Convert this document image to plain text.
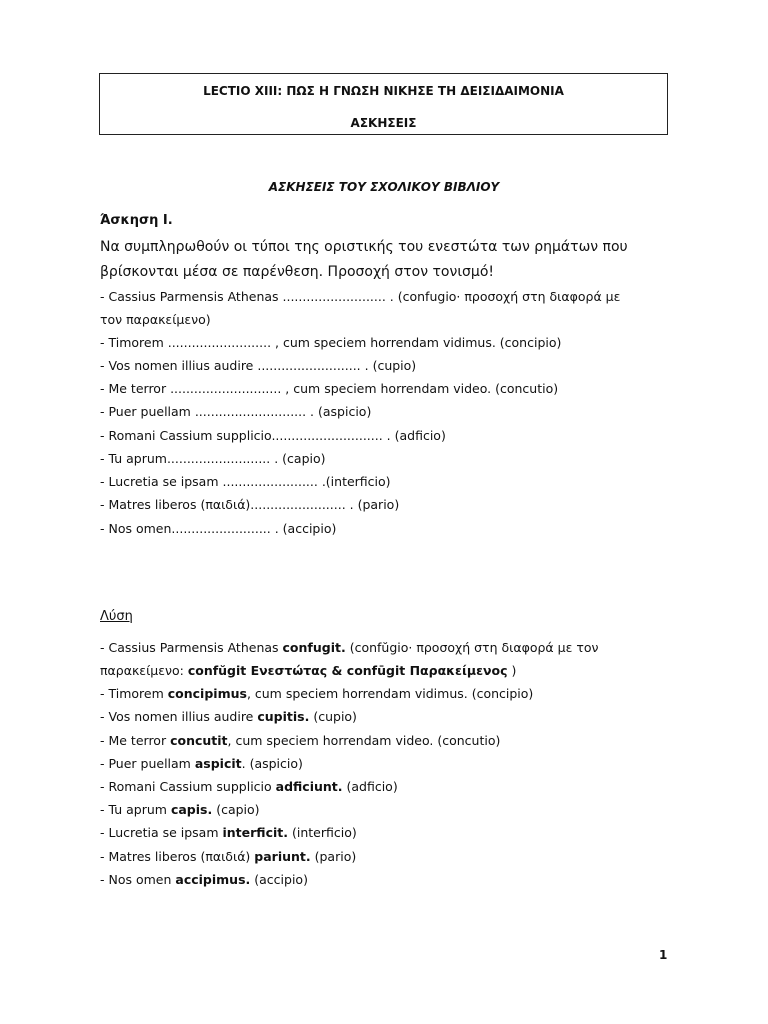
LECTIO XIII: ΠΩΣ Η ΓΝΩΣΗ ΝΙΚΗΣΕ ΤΗ ΔΕΙΣΙΔΑΙΜΟΝΙΑ
ΑΣΚΗΣΕΙΣ
ΑΣΚΗΣΕΙΣ ΤΟΥ ΣΧΟΛΙΚΟΥ ΒΙΒΛΙΟΥ
Άσκηση Ι.
Να συμπληρωθούν οι τύποι της οριστικής του ενεστώτα των ρημάτων που βρίσκονται μέσα σε παρένθεση. Προσοχή στον τονισμό!
- Cassius Parmensis Athenas .......................... . (confugio· προσοχή στη διαφορά με
τον παρακείμενο)
- Timorem .......................... , cum speciem horrendam vidimus. (concipio)
- Vos nomen illius audire .......................... . (cupio)
- Me terror ............................ , cum speciem horrendam video. (concutio)
- Puer puellam ............................ . (aspicio)
- Romani Cassium supplicio............................ . (adficio)
- Tu aprum.......................... . (capio)
- Lucretia se ipsam ........................ .(interficio)
- Matres liberos (παιδιά)........................ . (pario)
- Nos omen......................... . (accipio)
Λύση
- Cassius Parmensis Athenas confugit. (confŭgio· προσοχή στη διαφορά με τον
παρακείμενο: confŭgit Ενεστώτας & confūgit Παρακείμενος )
- Timorem concipimus, cum speciem horrendam vidimus. (concipio)
- Vos nomen illius audire cupitis. (cupio)
- Me terror concutit, cum speciem horrendam video. (concutio)
- Puer puellam aspicit. (aspicio)
- Romani Cassium supplicio adficiunt. (adficio)
- Tu aprum capis. (capio)
- Lucretia se ipsam interficit. (interficio)
- Matres liberos (παιδιά) pariunt. (pario)
- Nos omen accipimus. (accipio)
1
